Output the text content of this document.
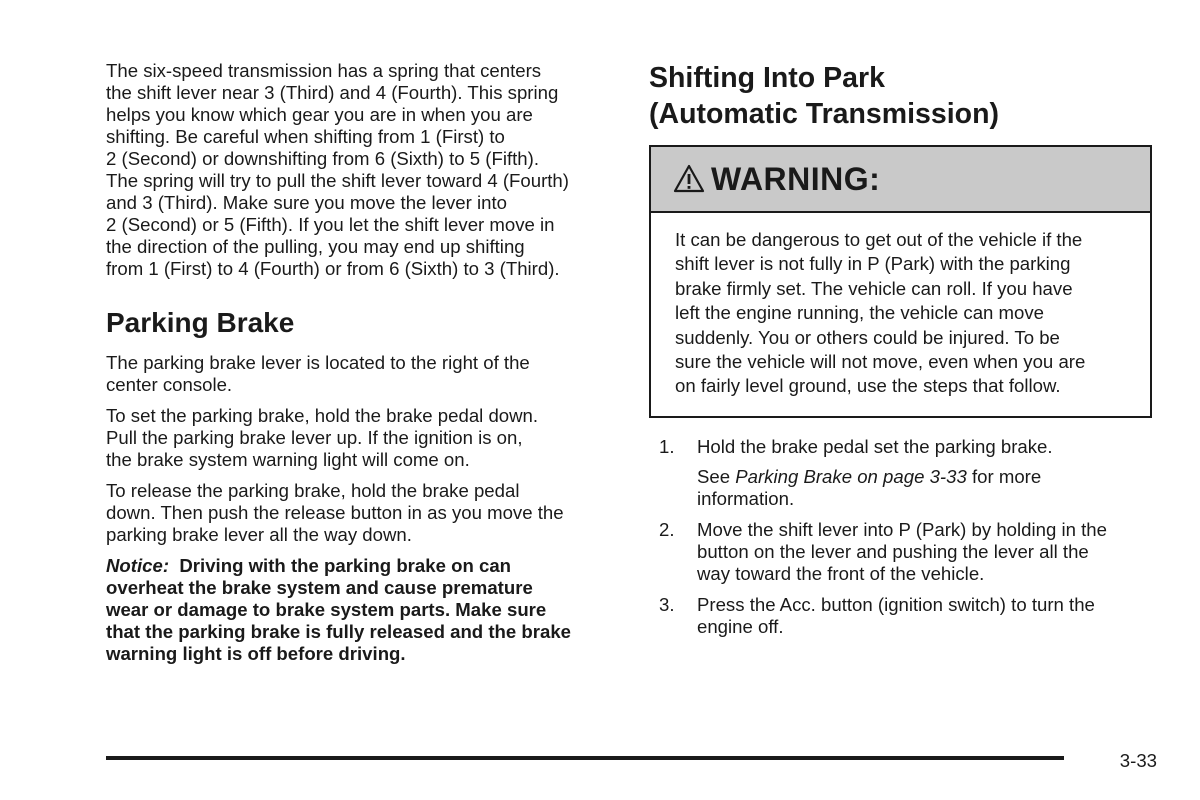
The six-speed transmission has a spring that centers
the shift lever near 3 (Third) and 4 (Fourth). This spring
helps you know which gear you are in when you are
shifting. Be careful when shifting from 1 (First) to
2 (Second) or downshifting from 6 (Sixth) to 5 (Fifth).
The spring will try to pull the shift lever toward 4 (Fourth)
and 3 (Third). Make sure you move the lever into
2 (Second) or 5 (Fifth). If you let the shift lever move in
the direction of the pulling, you may end up shifting
from 1 (First) to 4 (Fourth) or from 6 (Sixth) to 3 (Third).

Parking Brake

The parking brake lever is located to the right of the
center console.

To set the parking brake, hold the brake pedal down.
Pull the parking brake lever up. If the ignition is on,
the brake system warning light will come on.

To release the parking brake, hold the brake pedal
down. Then push the release button in as you move the
parking brake lever all the way down.

Notice: Driving with the parking brake on can
overheat the brake system and cause premature
wear or damage to brake system parts. Make sure
that the parking brake is fully released and the brake
warning light is off before driving.

Shifting Into Park
(Automatic Transmission)
WARNING:
It can be dangerous to get out of the vehicle if the
shift lever is not fully in P (Park) with the parking
brake firmly set. The vehicle can roll. If you have
left the engine running, the vehicle can move
suddenly. You or others could be injured. To be
sure the vehicle will not move, even when you are
on fairly level ground, use the steps that follow.
1.	Hold the brake pedal set the parking brake.
See Parking Brake on page 3-33 for more
information.
2.	Move the shift lever into P (Park) by holding in the
button on the lever and pushing the lever all the
way toward the front of the vehicle.
3.	Press the Acc. button (ignition switch) to turn the
engine off.
3-33
